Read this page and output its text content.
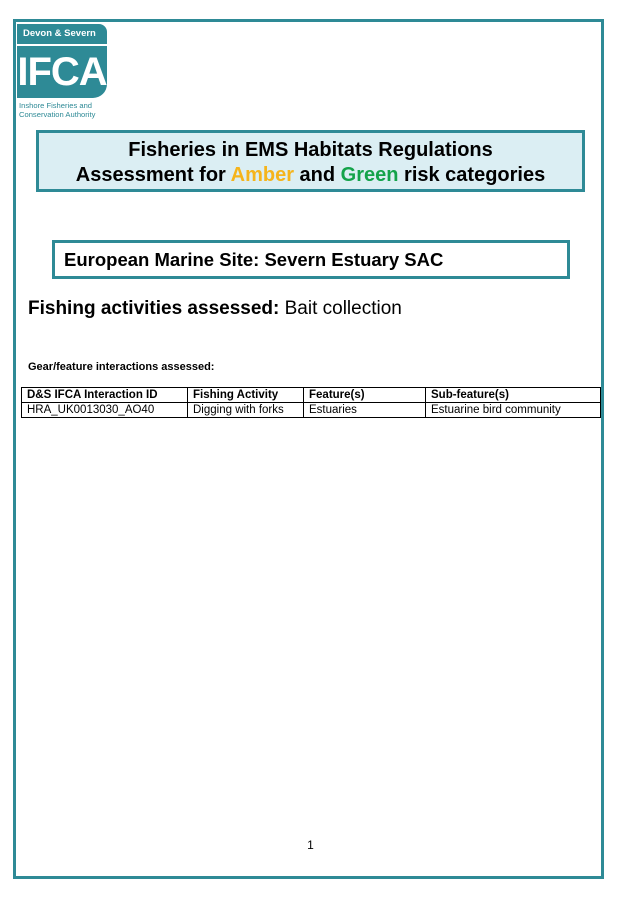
Devon & Severn
IFCA
Inshore Fisheries and
Conservation Authority
Fisheries in EMS Habitats Regulations
Assessment for Amber and Green risk categories
European Marine Site: Severn Estuary SAC
Fishing activities assessed: Bait collection
Gear/feature interactions assessed:
D&S IFCA Interaction ID	Fishing Activity	Feature(s)	Sub-feature(s)
HRA_UK0013030_AO40	Digging with forks	Estuaries	Estuarine bird community
1
